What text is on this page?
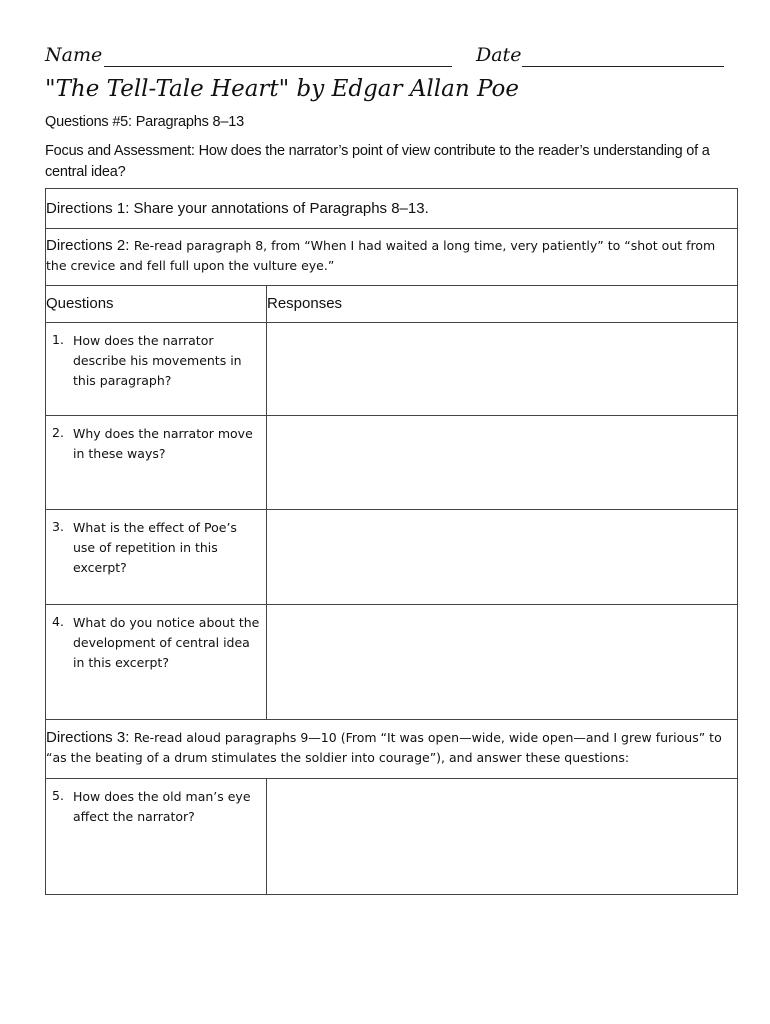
Name	Date
"The Tell-Tale Heart" by Edgar Allan Poe
Questions #5: Paragraphs 8–13
Focus and Assessment: How does the narrator’s point of view contribute to the reader’s understanding of a central idea?
Directions 1: Share your annotations of Paragraphs 8–13.	
Directions 2: Re-read paragraph 8, from “When I had waited a long time, very patiently” to “shot out from the crevice and fell full upon the vulture eye.”	
Questions	Responses

1. How does the narrator describe his movements in this paragraph?	

2. Why does the narrator move in these ways?	

3. What is the effect of Poe’s use of repetition in this excerpt?	

4. What do you notice about the development of central idea in this excerpt?	

Directions 3: Re-read aloud paragraphs 9—10 (From “It was open—wide, wide open—and I grew furious” to “as the beating of a drum stimulates the soldier into courage”), and answer these questions:	

5. How does the old man’s eye affect the narrator?	
